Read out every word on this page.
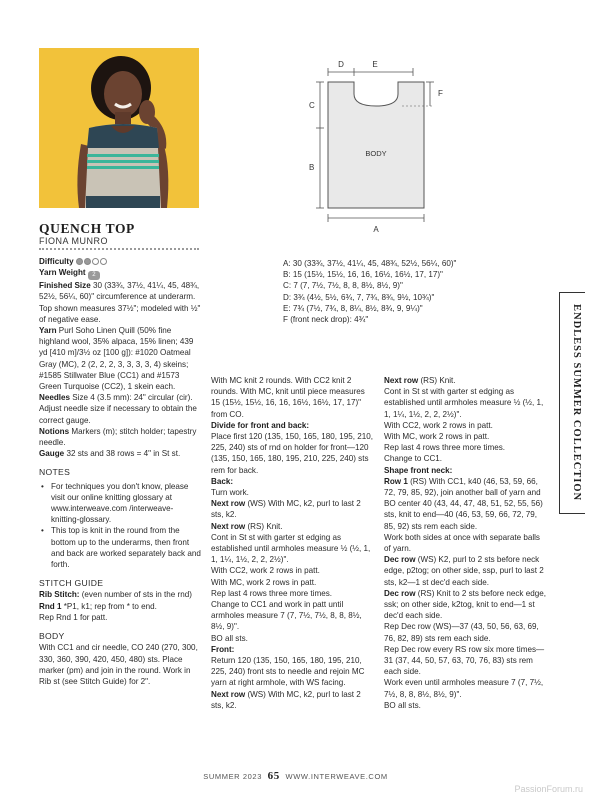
QUENCH TOP
FIONA MUNRO

Difficulty

Yarn Weight 2

Finished Size 30 (33¾, 37½, 41¼, 45, 48¾, 52½, 56¼, 60)" circumference at underarm. Top shown measures 37½"; modeled with ½" of negative ease.

Yarn Purl Soho Linen Quill (50% fine highland wool, 35% alpaca, 15% linen; 439 yd [410 m]/3½ oz [100 g]): #1020 Oatmeal Gray (MC), 2 (2, 2, 2, 3, 3, 3, 3, 4) skeins; #1585 Stillwater Blue (CC1) and #1573 Green Turquoise (CC2), 1 skein each.

Needles Size 4 (3.5 mm): 24" circular (cir). Adjust needle size if necessary to obtain the correct gauge.

Notions Markers (m); stitch holder; tapestry needle.

Gauge 32 sts and 38 rows = 4" in St st.

NOTES

• For techniques you don't know, please visit our online knitting glossary at www.interweave.com /interweave-knitting-glossary.
• This top is knit in the round from the bottom up to the underarms, then front and back are worked separately back and forth.

STITCH GUIDE

Rib Stitch: (even number of sts in the rnd)

Rnd 1 *P1, k1; rep from * to end.

Rep Rnd 1 for patt.

BODY

With CC1 and cir needle, CO 240 (270, 300, 330, 360, 390, 420, 450, 480) sts. Place marker (pm) and join in the round. Work in Rib st (see Stitch Guide) for 2".

With MC knit 2 rounds. With CC2 knit 2 rounds. With MC, knit until piece measures 15 (15½, 15½, 16, 16, 16½, 16½, 17, 17)" from CO.

Divide for front and back:

Place first 120 (135, 150, 165, 180, 195, 210, 225, 240) sts of rnd on holder for front—120 (135, 150, 165, 180, 195, 210, 225, 240) sts rem for back.

Back:

Turn work.

Next row (WS) With MC, k2, purl to last 2 sts, k2.

Next row (RS) Knit.

Cont in St st with garter st edging as established until armholes measure ½ (½, 1, 1, 1¼, 1½, 2, 2, 2½)".

With CC2, work 2 rows in patt.

With MC, work 2 rows in patt.

Rep last 4 rows three more times.

Change to CC1 and work in patt until armholes measure 7 (7, 7½, 7½, 8, 8, 8½, 8½, 9)".

BO all sts.

Front:

Return 120 (135, 150, 165, 180, 195, 210, 225, 240) front sts to needle and rejoin MC yarn at right armhole, with WS facing.

Next row (WS) With MC, k2, purl to last 2 sts, k2.

Next row (RS) Knit.

Cont in St st with garter st edging as established until armholes measure ½ (½, 1, 1, 1¼, 1½, 2, 2, 2½)".

With CC2, work 2 rows in patt.

With MC, work 2 rows in patt.

Rep last 4 rows three more times.

Change to CC1.

Shape front neck:

Row 1 (RS) With CC1, k40 (46, 53, 59, 66, 72, 79, 85, 92), join another ball of yarn and BO center 40 (43, 44, 47, 48, 51, 52, 55, 56) sts, knit to end—40 (46, 53, 59, 66, 72, 79, 85, 92) sts rem each side.

Work both sides at once with separate balls of yarn.

Dec row (WS) K2, purl to 2 sts before neck edge, p2tog; on other side, ssp, purl to last 2 sts, k2—1 st dec'd each side.

Dec row (RS) Knit to 2 sts before neck edge, ssk; on other side, k2tog, knit to end—1 st dec'd each side.

Rep Dec row (WS)—37 (43, 50, 56, 63, 69, 76, 82, 89) sts rem each side.

Rep Dec row every RS row six more times—31 (37, 44, 50, 57, 63, 70, 76, 83) sts rem each side.

Work even until armholes measure 7 (7, 7½, 7½, 8, 8, 8½, 8½, 9)".

BO all sts.

D	E
F
C
B
BODY
A
A: 30 (33¾, 37½, 41¼, 45, 48¾, 52½, 56¼, 60)"
B: 15 (15½, 15½, 16, 16, 16½, 16½, 17, 17)"
C: 7 (7, 7½, 7½, 8, 8, 8½, 8½, 9)"
D: 3¾ (4½, 5½, 6¾, 7, 7¾, 8¾, 9½, 10¾)"
E: 7¾ (7½, 7¾, 8, 8¼, 8½, 8¾, 9, 9¼)"
F (front neck drop): 4¾"	ENDLESS SUMMER COLLECTION
SUMMER 2023 65 WWW.INTERWEAVE.COM
PassionForum.ru
